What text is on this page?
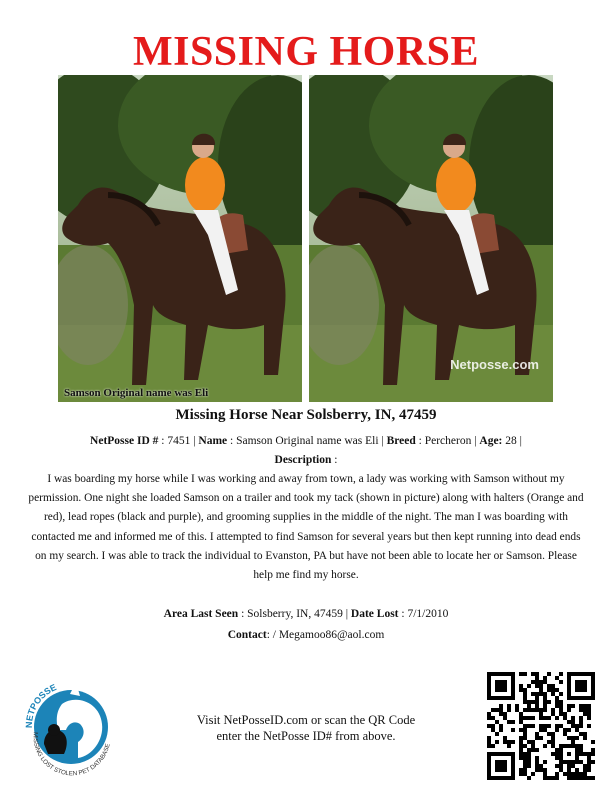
MISSING HORSE
Samson Original name was Eli
Netposse.com
Missing Horse Near Solsberry, IN, 47459
NetPosse ID # : 7451 | Name : Samson Original name was Eli | Breed : Percheron | Age: 28 |
Description :
I was boarding my horse while I was working and away from town, a lady was working with Samson without my permission. One night she loaded Samson on a trailer and took my tack (shown in picture) along with halters (Orange and red), lead ropes (black and purple), and grooming supplies in the middle of the night. The man I was boarding with contacted me and informed me of this. I attempted to find Samson for several years but then kept running into dead ends on my search. I was able to track the individual to Evanston, PA but have not been able to locate her or Samson. Please help me find my horse.
Area Last Seen : Solsberry, IN, 47459 | Date Lost : 7/1/2010
Contact: / Megamoo86@aol.com
NETPOSSE
MISSING LOST STOLEN PET DATABASE
Visit NetPosseID.com or scan the QR Code
enter the NetPosse ID# from above.
